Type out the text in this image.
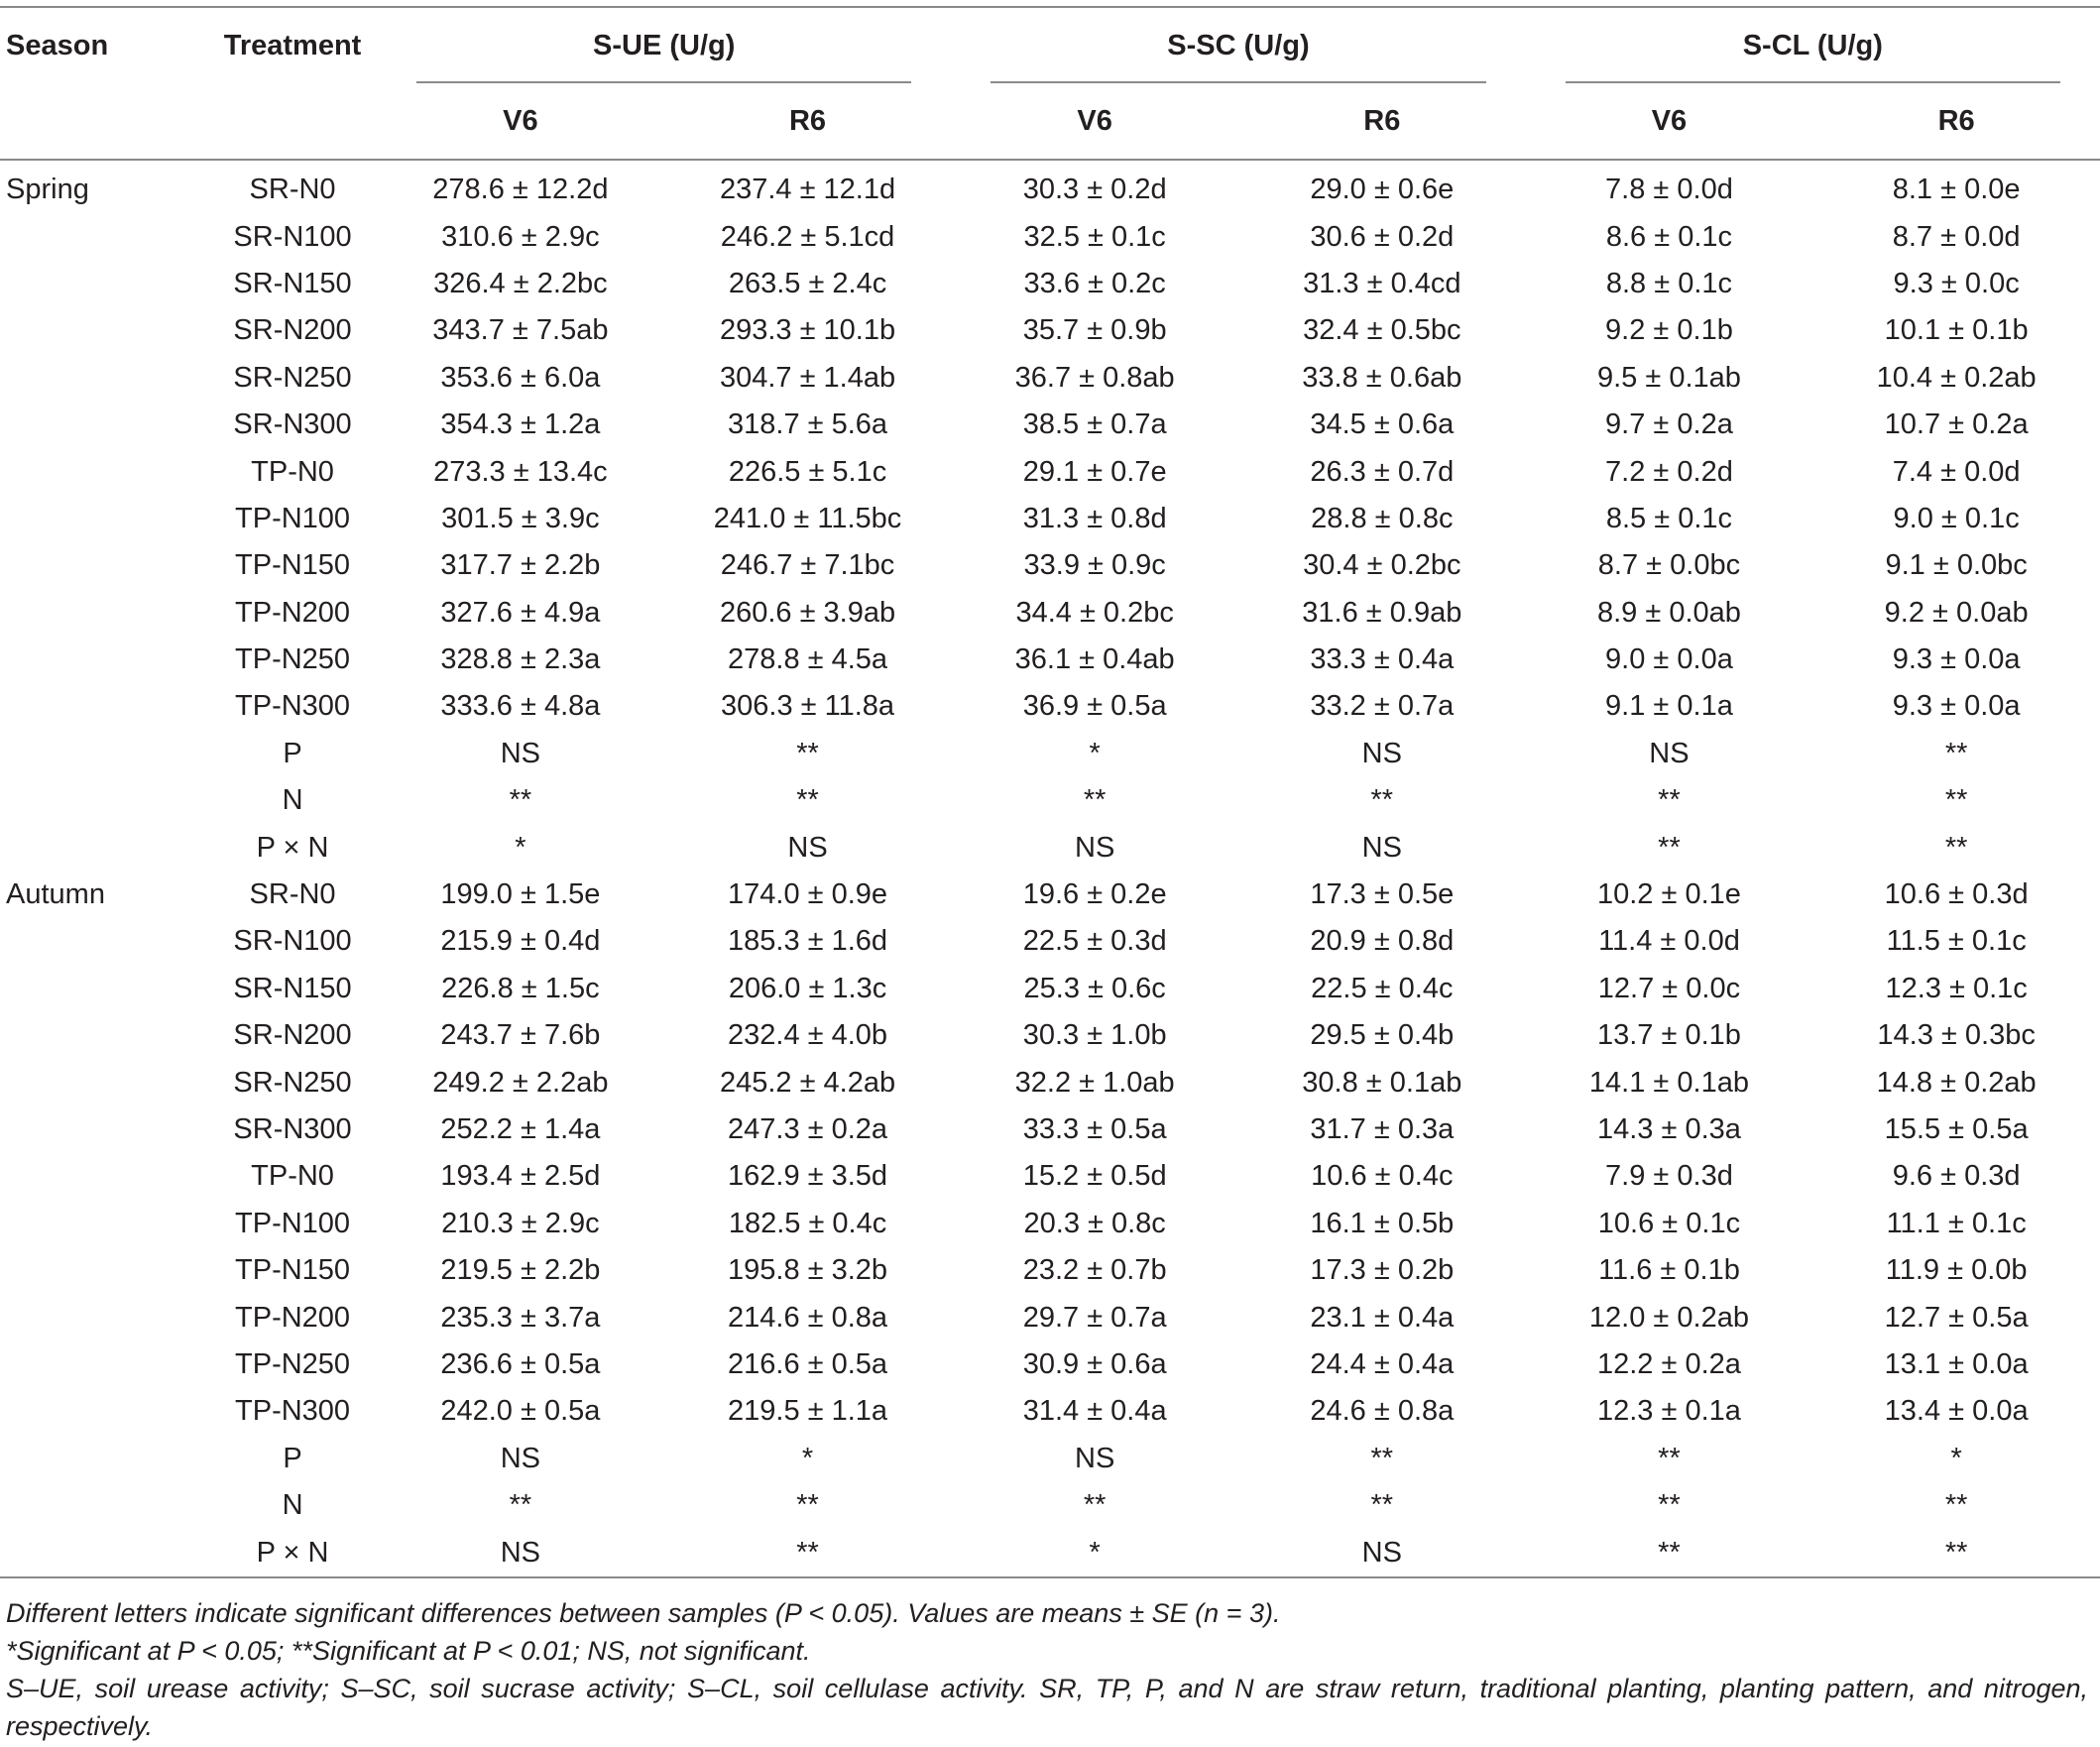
Season	Treatment	S-UE (U/g)		S-SC (U/g)		S-CL (U/g)	

		V6	R6	V6	R6	V6	R6
Spring	SR-N0	278.6 ± 12.2d	237.4 ± 12.1d	30.3 ± 0.2d	29.0 ± 0.6e	7.8 ± 0.0d	8.1 ± 0.0e
	SR-N100	310.6 ± 2.9c	246.2 ± 5.1cd	32.5 ± 0.1c	30.6 ± 0.2d	8.6 ± 0.1c	8.7 ± 0.0d
	SR-N150	326.4 ± 2.2bc	263.5 ± 2.4c	33.6 ± 0.2c	31.3 ± 0.4cd	8.8 ± 0.1c	9.3 ± 0.0c
	SR-N200	343.7 ± 7.5ab	293.3 ± 10.1b	35.7 ± 0.9b	32.4 ± 0.5bc	9.2 ± 0.1b	10.1 ± 0.1b
	SR-N250	353.6 ± 6.0a	304.7 ± 1.4ab	36.7 ± 0.8ab	33.8 ± 0.6ab	9.5 ± 0.1ab	10.4 ± 0.2ab
	SR-N300	354.3 ± 1.2a	318.7 ± 5.6a	38.5 ± 0.7a	34.5 ± 0.6a	9.7 ± 0.2a	10.7 ± 0.2a
	TP-N0	273.3 ± 13.4c	226.5 ± 5.1c	29.1 ± 0.7e	26.3 ± 0.7d	7.2 ± 0.2d	7.4 ± 0.0d
	TP-N100	301.5 ± 3.9c	241.0 ± 11.5bc	31.3 ± 0.8d	28.8 ± 0.8c	8.5 ± 0.1c	9.0 ± 0.1c
	TP-N150	317.7 ± 2.2b	246.7 ± 7.1bc	33.9 ± 0.9c	30.4 ± 0.2bc	8.7 ± 0.0bc	9.1 ± 0.0bc
	TP-N200	327.6 ± 4.9a	260.6 ± 3.9ab	34.4 ± 0.2bc	31.6 ± 0.9ab	8.9 ± 0.0ab	9.2 ± 0.0ab
	TP-N250	328.8 ± 2.3a	278.8 ± 4.5a	36.1 ± 0.4ab	33.3 ± 0.4a	9.0 ± 0.0a	9.3 ± 0.0a
	TP-N300	333.6 ± 4.8a	306.3 ± 11.8a	36.9 ± 0.5a	33.2 ± 0.7a	9.1 ± 0.1a	9.3 ± 0.0a
	P	NS	**	*	NS	NS	**
	N	**	**	**	**	**	**
	P × N	*	NS	NS	NS	**	**
Autumn	SR-N0	199.0 ± 1.5e	174.0 ± 0.9e	19.6 ± 0.2e	17.3 ± 0.5e	10.2 ± 0.1e	10.6 ± 0.3d
	SR-N100	215.9 ± 0.4d	185.3 ± 1.6d	22.5 ± 0.3d	20.9 ± 0.8d	11.4 ± 0.0d	11.5 ± 0.1c
	SR-N150	226.8 ± 1.5c	206.0 ± 1.3c	25.3 ± 0.6c	22.5 ± 0.4c	12.7 ± 0.0c	12.3 ± 0.1c
	SR-N200	243.7 ± 7.6b	232.4 ± 4.0b	30.3 ± 1.0b	29.5 ± 0.4b	13.7 ± 0.1b	14.3 ± 0.3bc
	SR-N250	249.2 ± 2.2ab	245.2 ± 4.2ab	32.2 ± 1.0ab	30.8 ± 0.1ab	14.1 ± 0.1ab	14.8 ± 0.2ab
	SR-N300	252.2 ± 1.4a	247.3 ± 0.2a	33.3 ± 0.5a	31.7 ± 0.3a	14.3 ± 0.3a	15.5 ± 0.5a
	TP-N0	193.4 ± 2.5d	162.9 ± 3.5d	15.2 ± 0.5d	10.6 ± 0.4c	7.9 ± 0.3d	9.6 ± 0.3d
	TP-N100	210.3 ± 2.9c	182.5 ± 0.4c	20.3 ± 0.8c	16.1 ± 0.5b	10.6 ± 0.1c	11.1 ± 0.1c
	TP-N150	219.5 ± 2.2b	195.8 ± 3.2b	23.2 ± 0.7b	17.3 ± 0.2b	11.6 ± 0.1b	11.9 ± 0.0b
	TP-N200	235.3 ± 3.7a	214.6 ± 0.8a	29.7 ± 0.7a	23.1 ± 0.4a	12.0 ± 0.2ab	12.7 ± 0.5a
	TP-N250	236.6 ± 0.5a	216.6 ± 0.5a	30.9 ± 0.6a	24.4 ± 0.4a	12.2 ± 0.2a	13.1 ± 0.0a
	TP-N300	242.0 ± 0.5a	219.5 ± 1.1a	31.4 ± 0.4a	24.6 ± 0.8a	12.3 ± 0.1a	13.4 ± 0.0a
	P	NS	*	NS	**	**	*
	N	**	**	**	**	**	**
	P × N	NS	**	*	NS	**	**

Different letters indicate significant differences between samples (P < 0.05). Values are means ± SE (n = 3).

*Significant at P < 0.05; **Significant at P < 0.01; NS, not significant.

S–UE, soil urease activity; S–SC, soil sucrase activity; S–CL, soil cellulase activity. SR, TP, P, and N are straw return, traditional planting, planting pattern, and nitrogen, respectively.
